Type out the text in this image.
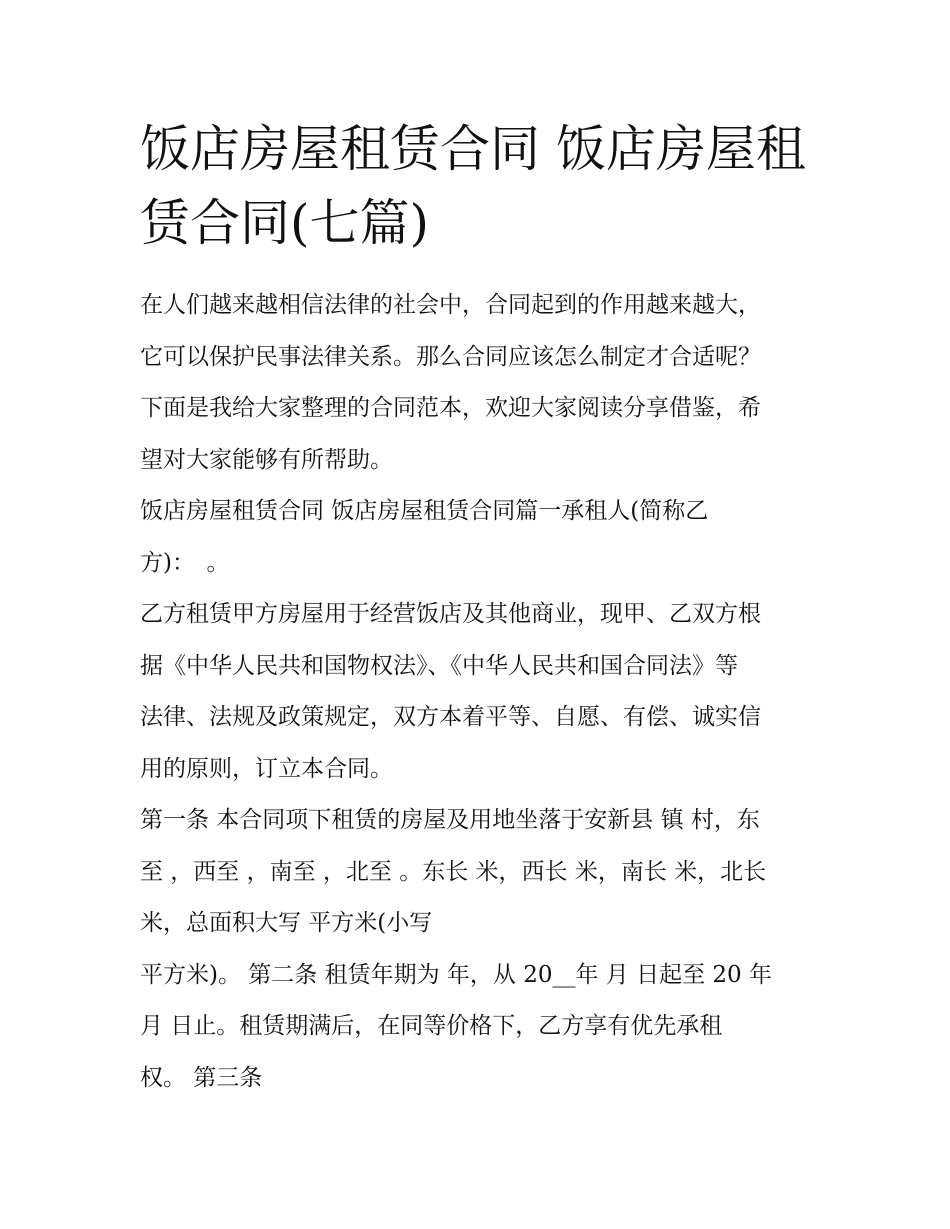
饭店房屋租赁合同 饭店房屋租
赁合同(七篇)
在人们越来越相信法律的社会中，合同起到的作用越来越大，
它可以保护民事法律关系。那么合同应该怎么制定才合适呢？
下面是我给大家整理的合同范本，欢迎大家阅读分享借鉴，希
望对大家能够有所帮助。
饭店房屋租赁合同 饭店房屋租赁合同篇一承租人(简称乙
方)：　。
乙方租赁甲方房屋用于经营饭店及其他商业，现甲、乙双方根
据《中华人民共和国物权法》、《中华人民共和国合同法》等
法律、法规及政策规定，双方本着平等、自愿、有偿、诚实信
用的原则，订立本合同。
第一条 本合同项下租赁的房屋及用地坐落于安新县 镇 村，东
至 ，西至 ，南至 ，北至 。东长 米，西长 米，南长 米，北长
米，总面积大写 平方米(小写
平方米)。 第二条 租赁年期为 年，从 20__年 月 日起至 20 年
月 日止。租赁期满后，在同等价格下，乙方享有优先承租
权。 第三条
